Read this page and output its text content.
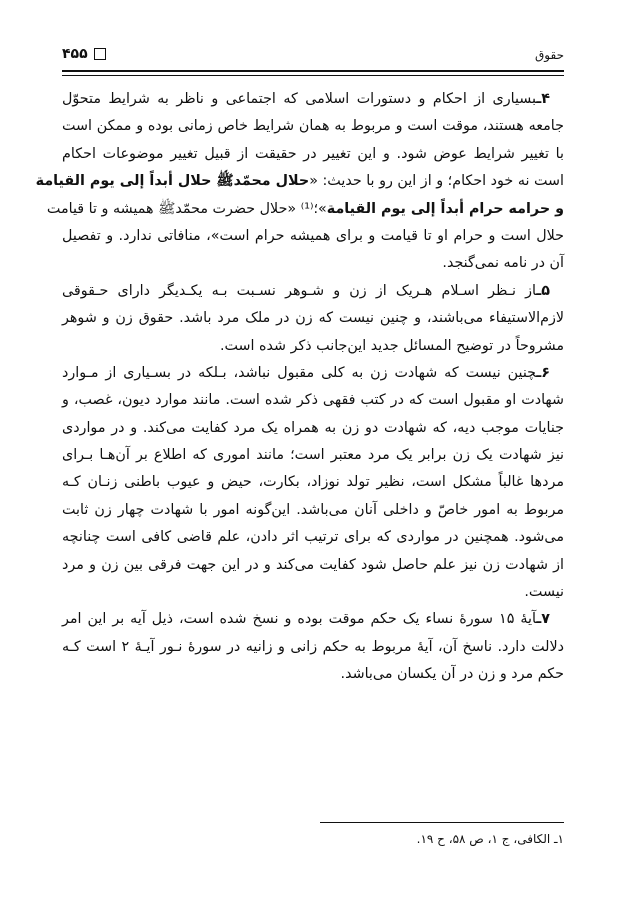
حقوق
۴۵۵
۴ـبسیاری از احکام و دستورات اسلامی که اجتماعی و ناظر به شرایط متحوّل
جامعه هستند، موقت است و مربوط به همان شرایط خاص زمانی بوده و ممکن است
با تغییر شرایط عوض شود. و این تغییر در حقیقت از قبیل تغییر موضوعات احکام
است نه خود احکام؛ و از این رو با حدیث: «حلال محمّدﷺ حلال أبداً إلی یوم القیامة
و حرامه حرام أبداً إلی یوم القیامة»؛⁽¹⁾ «حلال حضرت محمّدﷺ همیشه و تا قیامت
حلال است و حرام او تا قیامت و برای همیشه حرام است»، منافاتی ندارد. و تفصیل
آن در نامه نمی‌گنجد.
۵ـاز نـظر اسـلام هـریک از زن و شـوهر نسـبت بـه یکـدیگر دارای حـقوقی
لازم‌الاستیفاء می‌باشند، و چنین نیست که زن در ملک مرد باشد. حقوق زن و شوهر
مشروحاً در توضیح المسائل جدید این‌جانب ذکر شده است.
۶ـچنین نیست که شهادت زن به کلی مقبول نباشد، بـلکه در بسـیاری از مـوارد
شهادت او مقبول است که در کتب فقهی ذکر شده است. مانند موارد دیون، غصب، و
جنایات موجب دیه، که شهادت دو زن به همراه یک مرد کفایت می‌کند. و در مواردی
نیز شهادت یک زن برابر یک مرد معتبر است؛ مانند اموری که اطلاع بر آن‌هـا بـرای
مردها غالباً مشکل است، نظیر تولد نوزاد، بکارت، حیض و عیوب باطنی زنـان کـه
مربوط به امور خاصّ و داخلی آنان می‌باشد. این‌گونه امور با شهادت چهار زن ثابت
می‌شود. همچنین در مواردی که برای ترتیب اثر دادن، علم قاضی کافی است چنانچه
از شهادت زن نیز علم حاصل شود کفایت می‌کند و در این جهت فرقی بین زن و مرد
نیست.
۷ـآیهٔ ۱۵ سورهٔ نساء یک حکم موقت بوده و نسخ شده است، ذیل آیه بر این امر
دلالت دارد. ناسخ آن، آیهٔ مربوط به حکم زانی و زانیه در سورهٔ نـور آیـهٔ ۲ است کـه
حکم مرد و زن در آن یکسان می‌باشد.
۱ـ الکافی، ج ۱، ص ۵۸، ح ۱۹.
